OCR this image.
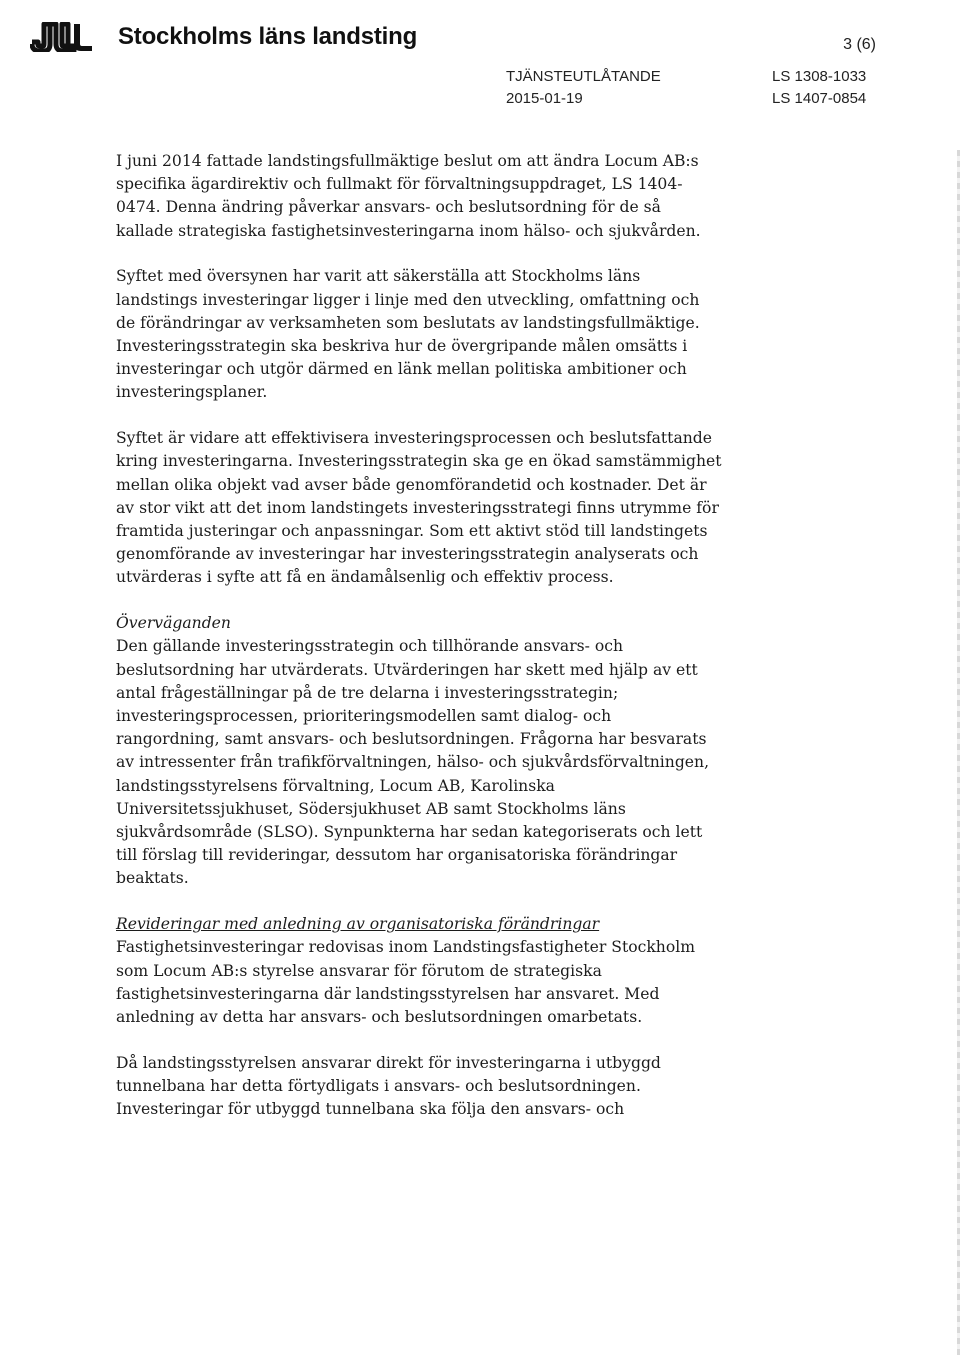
Stockholms läns landsting	3 (6)
TJÄNSTEUTLÅTANDE
2015-01-19
LS 1308-1033
LS 1407-0854

I juni 2014 fattade landstingsfullmäktige beslut om att ändra Locum AB:s
specifika ägardirektiv och fullmakt för förvaltningsuppdraget, LS 1404-
0474. Denna ändring påverkar ansvars- och beslutsordning för de så
kallade strategiska fastighetsinvesteringarna inom hälso- och sjukvården.

Syftet med översynen har varit att säkerställa att Stockholms läns
landstings investeringar ligger i linje med den utveckling, omfattning och
de förändringar av verksamheten som beslutats av landstingsfullmäktige.
Investeringsstrategin ska beskriva hur de övergripande målen omsätts i
investeringar och utgör därmed en länk mellan politiska ambitioner och
investeringsplaner.

Syftet är vidare att effektivisera investeringsprocessen och beslutsfattande
kring investeringarna. Investeringsstrategin ska ge en ökad samstämmighet
mellan olika objekt vad avser både genomförandetid och kostnader. Det är
av stor vikt att det inom landstingets investeringsstrategi finns utrymme för
framtida justeringar och anpassningar. Som ett aktivt stöd till landstingets
genomförande av investeringar har investeringsstrategin analyserats och
utvärderas i syfte att få en ändamålsenlig och effektiv process.

Överväganden
Den gällande investeringsstrategin och tillhörande ansvars- och
beslutsordning har utvärderats. Utvärderingen har skett med hjälp av ett
antal frågeställningar på de tre delarna i investeringsstrategin;
investeringsprocessen, prioriteringsmodellen samt dialog- och
rangordning, samt ansvars- och beslutsordningen. Frågorna har besvarats
av intressenter från trafikförvaltningen, hälso- och sjukvårdsförvaltningen,
landstingsstyrelsens förvaltning, Locum AB, Karolinska
Universitetssjukhuset, Södersjukhuset AB samt Stockholms läns
sjukvårdsområde (SLSO). Synpunkterna har sedan kategoriserats och lett
till förslag till revideringar, dessutom har organisatoriska förändringar
beaktats.
Revideringar med anledning av organisatoriska förändringar
Fastighetsinvesteringar redovisas inom Landstingsfastigheter Stockholm
som Locum AB:s styrelse ansvarar för förutom de strategiska
fastighetsinvesteringarna där landstingsstyrelsen har ansvaret. Med
anledning av detta har ansvars- och beslutsordningen omarbetats.

Då landstingsstyrelsen ansvarar direkt för investeringarna i utbyggd
tunnelbana har detta förtydligats i ansvars- och beslutsordningen.
Investeringar för utbyggd tunnelbana ska följa den ansvars- och
